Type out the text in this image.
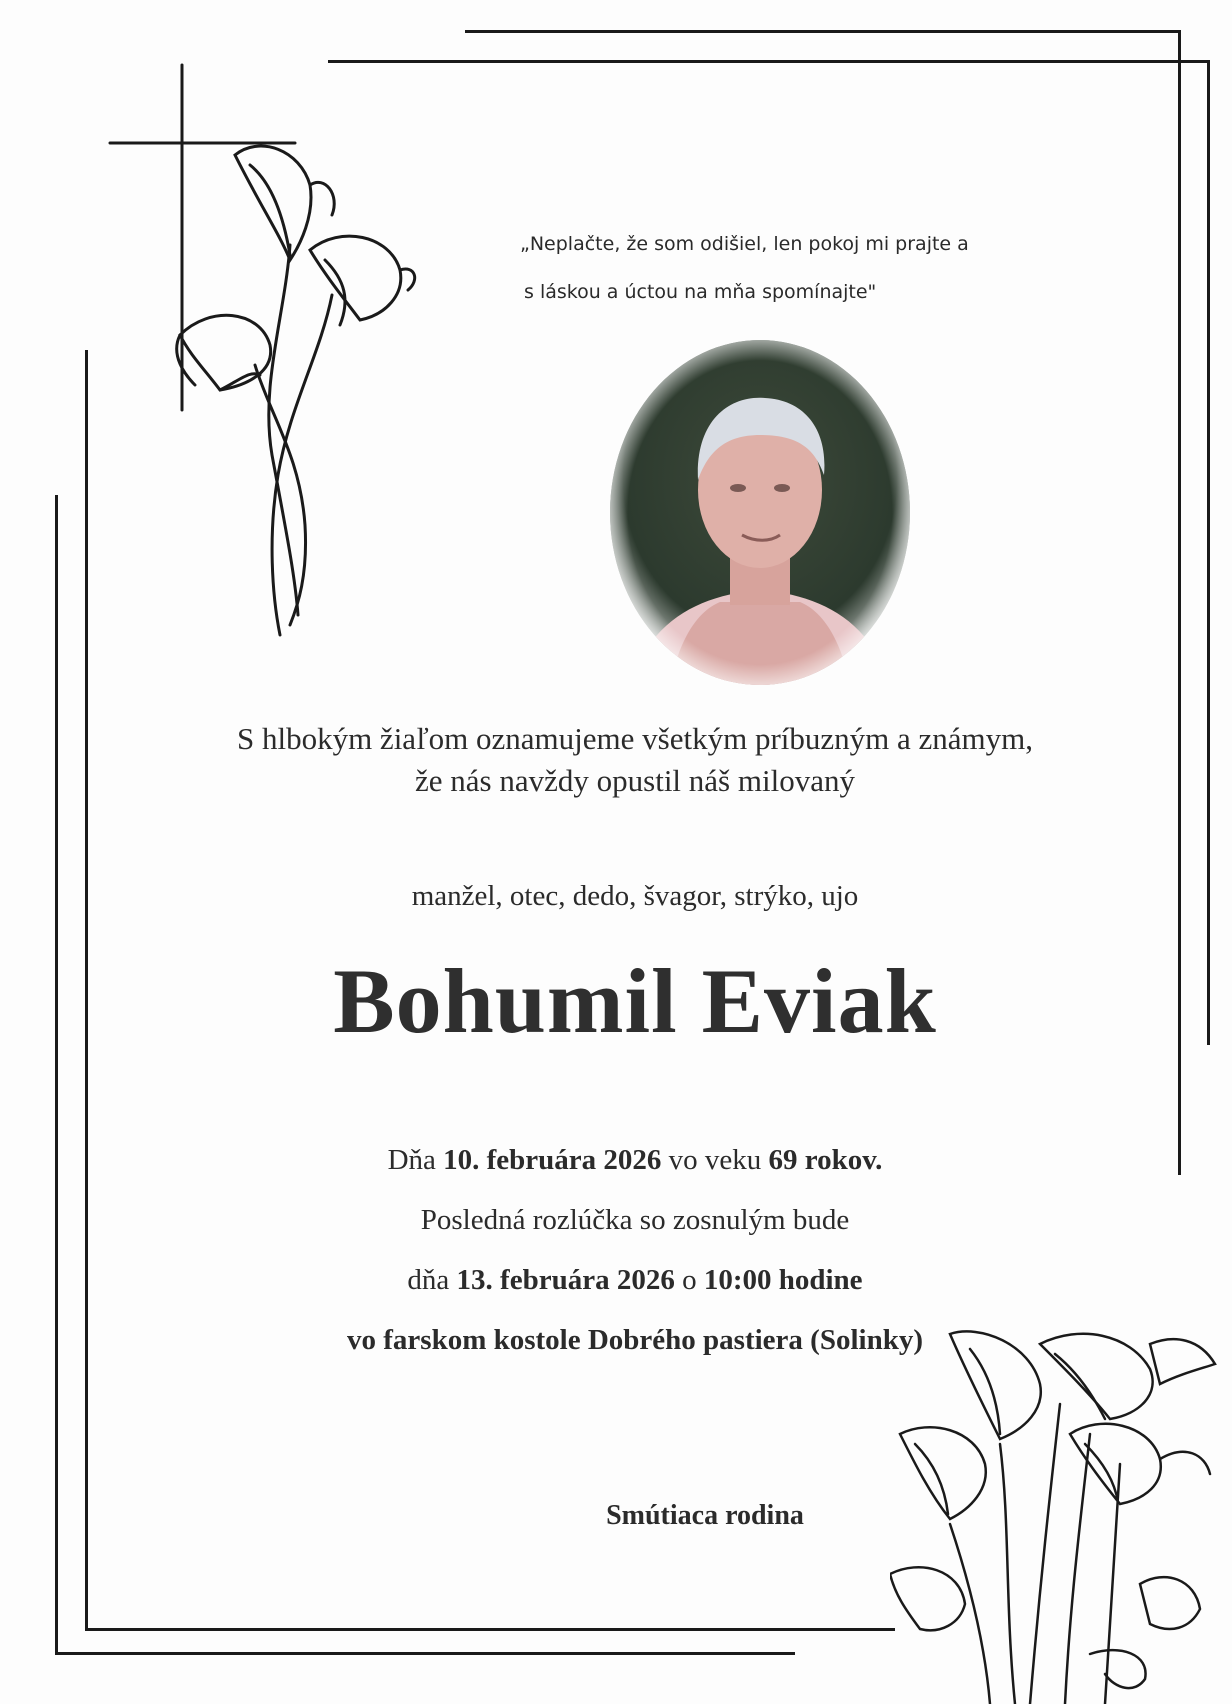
„Neplačte, že som odišiel, len pokoj mi prajte a
s láskou a úctou na mňa spomínajte"
S hlbokým žiaľom oznamujeme všetkým príbuzným a známym,
že nás navždy opustil náš milovaný
manžel, otec, dedo, švagor, strýko, ujo
Bohumil Eviak
Dňa 10. februára 2026 vo veku 69 rokov.
Posledná rozlúčka so zosnulým bude
dňa 13. februára 2026 o 10:00 hodine
vo farskom kostole Dobrého pastiera (Solinky)
Smútiaca rodina
